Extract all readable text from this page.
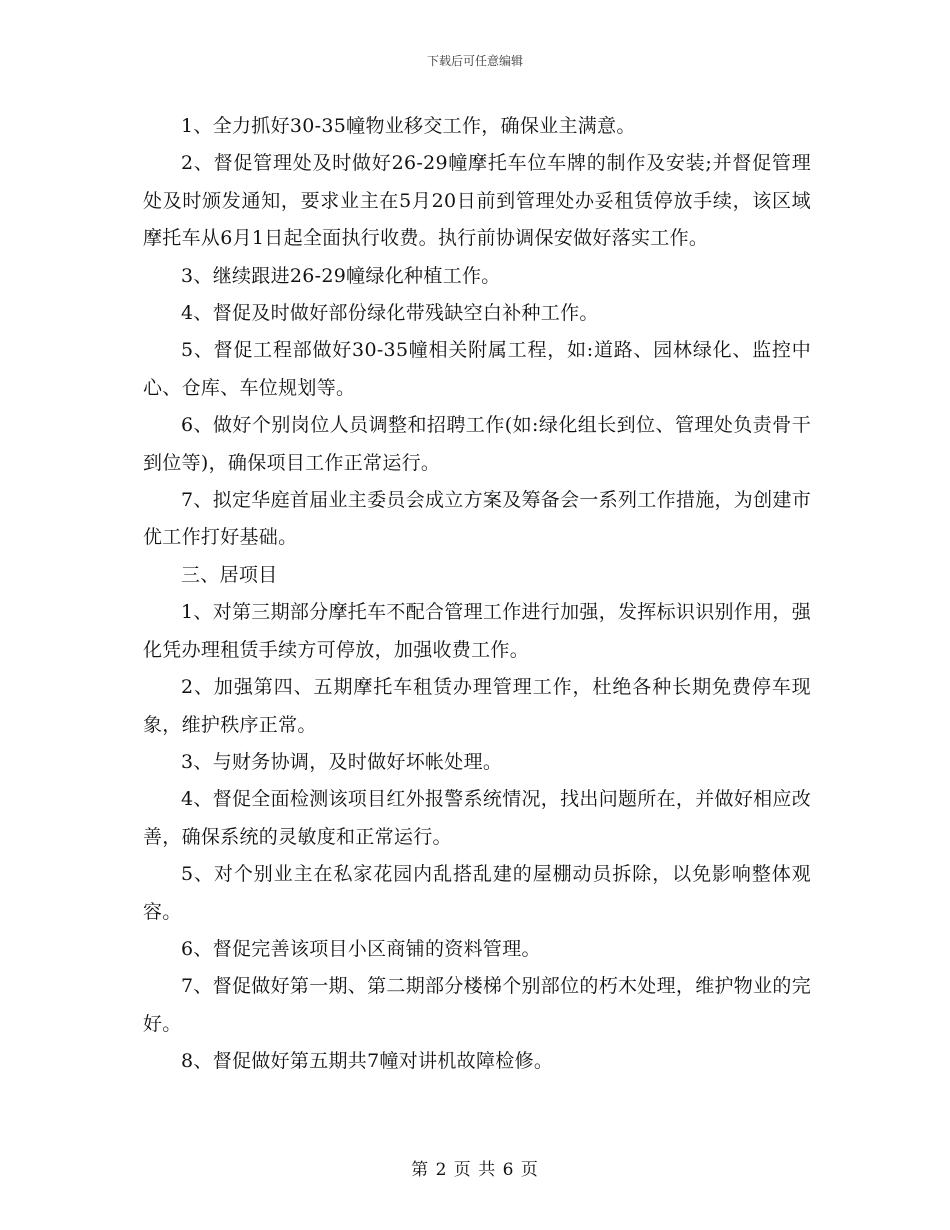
下载后可任意编辑

1、全力抓好30-35幢物业移交工作，确保业主满意。

2、督促管理处及时做好26-29幢摩托车位车牌的制作及安装;并督促管理处及时颁发通知，要求业主在5月20日前到管理处办妥租赁停放手续，该区域摩托车从6月1日起全面执行收费。执行前协调保安做好落实工作。

3、继续跟进26-29幢绿化种植工作。

4、督促及时做好部份绿化带残缺空白补种工作。

5、督促工程部做好30-35幢相关附属工程，如:道路、园林绿化、监控中心、仓库、车位规划等。

6、做好个别岗位人员调整和招聘工作(如:绿化组长到位、管理处负责骨干到位等)，确保项目工作正常运行。

7、拟定华庭首届业主委员会成立方案及筹备会一系列工作措施，为创建市优工作打好基础。

三、居项目

1、对第三期部分摩托车不配合管理工作进行加强，发挥标识识别作用，强化凭办理租赁手续方可停放，加强收费工作。

2、加强第四、五期摩托车租赁办理管理工作，杜绝各种长期免费停车现象，维护秩序正常。

3、与财务协调，及时做好坏帐处理。

4、督促全面检测该项目红外报警系统情况，找出问题所在，并做好相应改善，确保系统的灵敏度和正常运行。

5、对个别业主在私家花园内乱搭乱建的屋棚动员拆除，以免影响整体观容。

6、督促完善该项目小区商铺的资料管理。

7、督促做好第一期、第二期部分楼梯个别部位的朽木处理，维护物业的完好。

8、督促做好第五期共7幢对讲机故障检修。

第 2 页 共 6 页
